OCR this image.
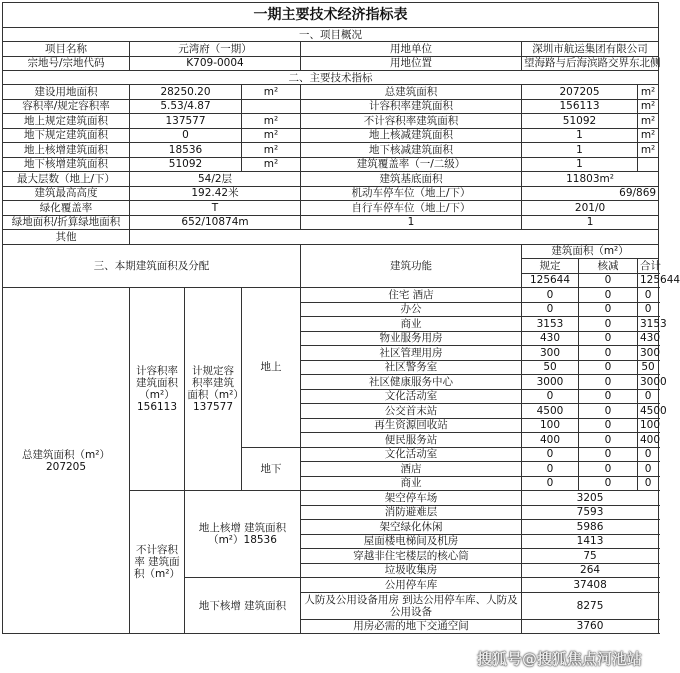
一期主要技术经济指标表							
一、项目概况							
项目名称	元湾府（一期）			用地单位	深圳市航运集团有限公司		
宗地号/宗地代码	K709-0004			用地位置	望海路与后海滨路交界东北侧		
二、主要技术指标							
建设用地面积	28250.20		m²	总建筑面积	207205		m²
容积率/规定容积率	5.53/4.87			计容积率建筑面积	156113		m²
地上规定建筑面积	137577		m²	不计容积率建筑面积	51092		m²
地下规定建筑面积	0		m²	地上核减建筑面积	1		m²
地上核增建筑面积	18536		m²	地下核减建筑面积	1		m²
地下核增建筑面积	51092		m²	建筑覆盖率（一/二级）	1		
最大层数（地上/下）	54/2层			建筑基底面积	11803m²		
建筑最高高度	192.42米			机动车停车位（地上/下）	69/869		
绿化覆盖率	T			自行车停车位（地上/下）	201/0		
绿地面积/折算绿地面积	652/10874m			1	1		
其他							
三、本期建筑面积及分配				建筑功能	建筑面积（m²）		
					规定	核减	合计
					125644	0	125644
总建筑面积（m²）207205	计容积率建筑面积（m²）156113	计规定容积率建筑面积（m²）137577	地上	住宅 酒店	0	0	0
				办公	0	0	0
				商业	3153	0	3153
				物业服务用房	430	0	430
				社区管理用房	300	0	300
				社区警务室	50	0	50
				社区健康服务中心	3000	0	3000
				文化活动室	0	0	0
				公交首末站	4500	0	4500
				再生资源回收站	100	0	100
				便民服务站	400	0	400
			地下	文化活动室	0	0	0
				酒店	0	0	0
				商业	0	0	0
	不计容积率 建筑面积（m²）	地上核增 建筑面积（m²）18536		架空停车场	3205		
				消防避难层	7593		
				架空绿化休闲	5986		
				屋面楼电梯间及机房	1413		
				穿越非住宅楼层的核心筒	75		
				垃圾收集房	264		
		地下核增 建筑面积		公用停车库	37408		
				人防及公用设备用房 到达公用停车库、人防及公用设备	8275		
				用房必需的地下交通空间	3760		
搜狐号@搜狐焦点河池站
